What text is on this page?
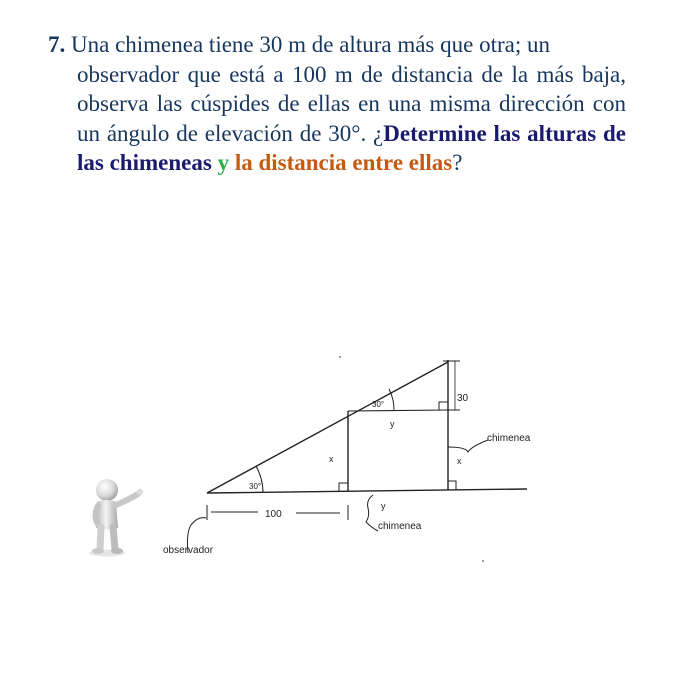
7. Una chimenea tiene 30 m de altura más que otra; un
observador que está a 100 m de distancia de la más baja, observa las cúspides de ellas en una misma dirección con un ángulo de elevación de 30°. ¿Determine las alturas de las chimeneas y la distancia entre ellas?
30°
30°
100
30
x	x
y
y
chimenea
chimenea
observador
